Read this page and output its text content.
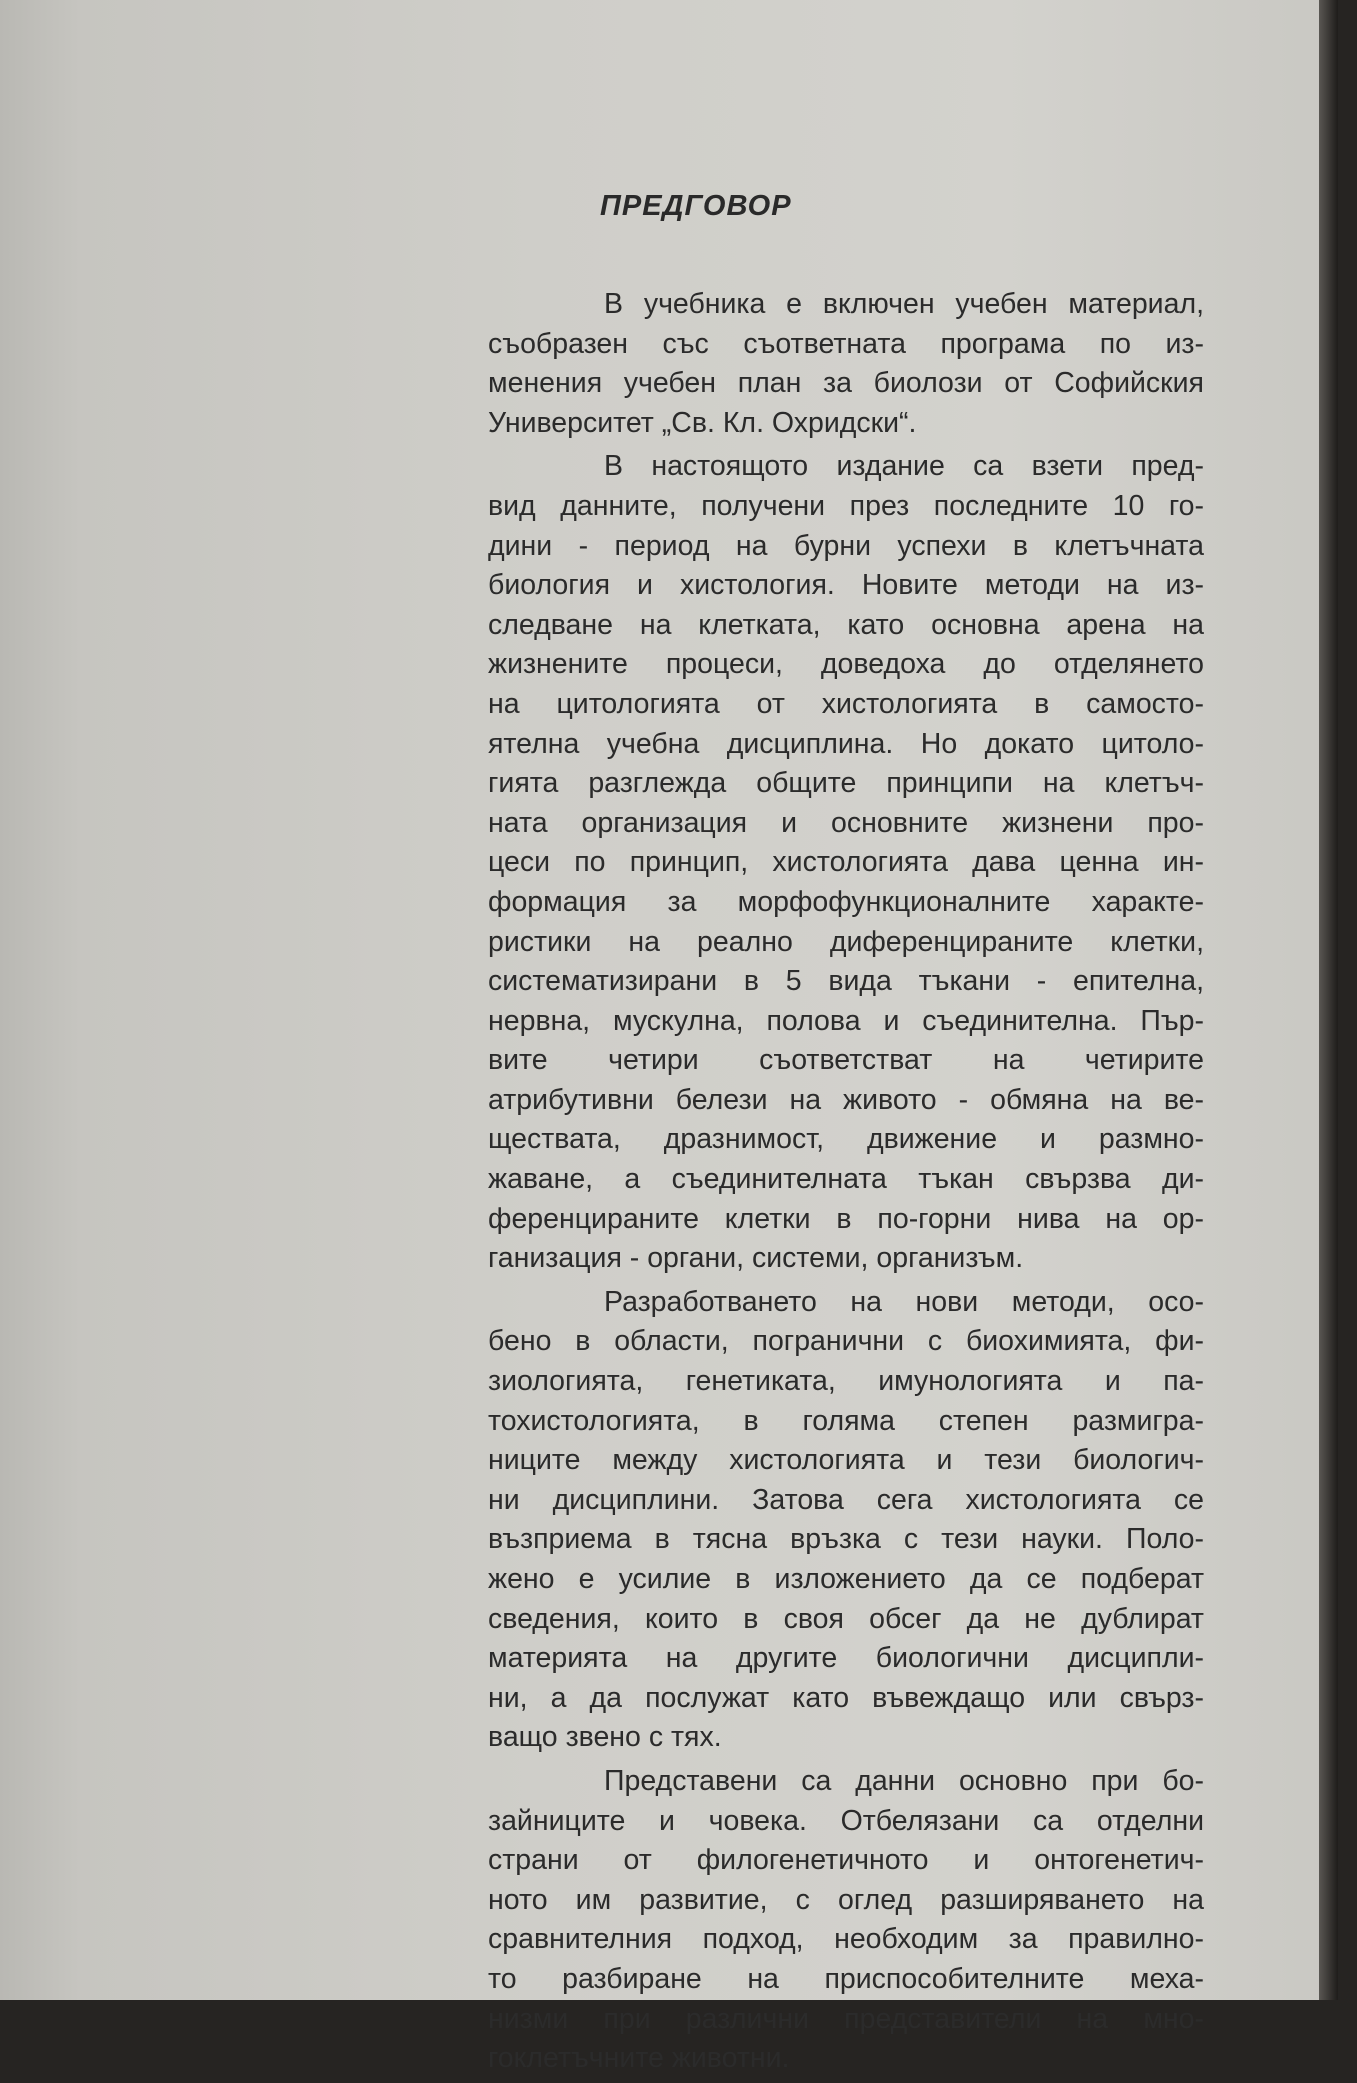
ПРЕДГОВОР

В учебника е включен учебен материал,
съобразен със съответната програма по из-
менения учебен план за биолози от Софийския
Университет „Св. Кл. Охридски“.

В настоящото издание са взети пред-
вид данните, получени през последните 10 го-
дини - период на бурни успехи в клетъчната
биология и хистология. Новите методи на из-
следване на клетката, като основна арена на
жизнените процеси, доведоха до отделянето
на цитологията от хистологията в самосто-
ятелна учебна дисциплина. Но докато цитоло-
гията разглежда общите принципи на клетъч-
ната организация и основните жизнени про-
цеси по принцип, хистологията дава ценна ин-
формация за морфофункционалните характе-
ристики на реално диференцираните клетки,
систематизирани в 5 вида тъкани - епителна,
нервна, мускулна, полова и съединителна. Пър-
вите четири съответстват на четирите
атрибутивни белези на живото - обмяна на ве-
ществата, дразнимост, движение и размно-
жаване, а съединителната тъкан свързва ди-
ференцираните клетки в по-горни нива на ор-
ганизация - органи, системи, организъм.

Разработването на нови методи, осо-
бено в области, погранични с биохимията, фи-
зиологията, генетиката, имунологията и па-
тохистологията, в голяма степен размигра-
ниците между хистологията и тези биологич-
ни дисциплини. Затова сега хистологията се
възприема в тясна връзка с тези науки. Поло-
жено е усилие в изложението да се подберат
сведения, които в своя обсег да не дублират
материята на другите биологични дисципли-
ни, а да послужат като въвеждащо или свърз-
ващо звено с тях.

Представени са данни основно при бо-
зайниците и човека. Отбелязани са отделни
страни от филогенетичното и онтогенетич-
ното им развитие, с оглед разширяването на
сравнителния подход, необходим за правилно-
то разбиране на приспособителните меха-
низми при различни представители на мно-
гоклетъчните животни.
